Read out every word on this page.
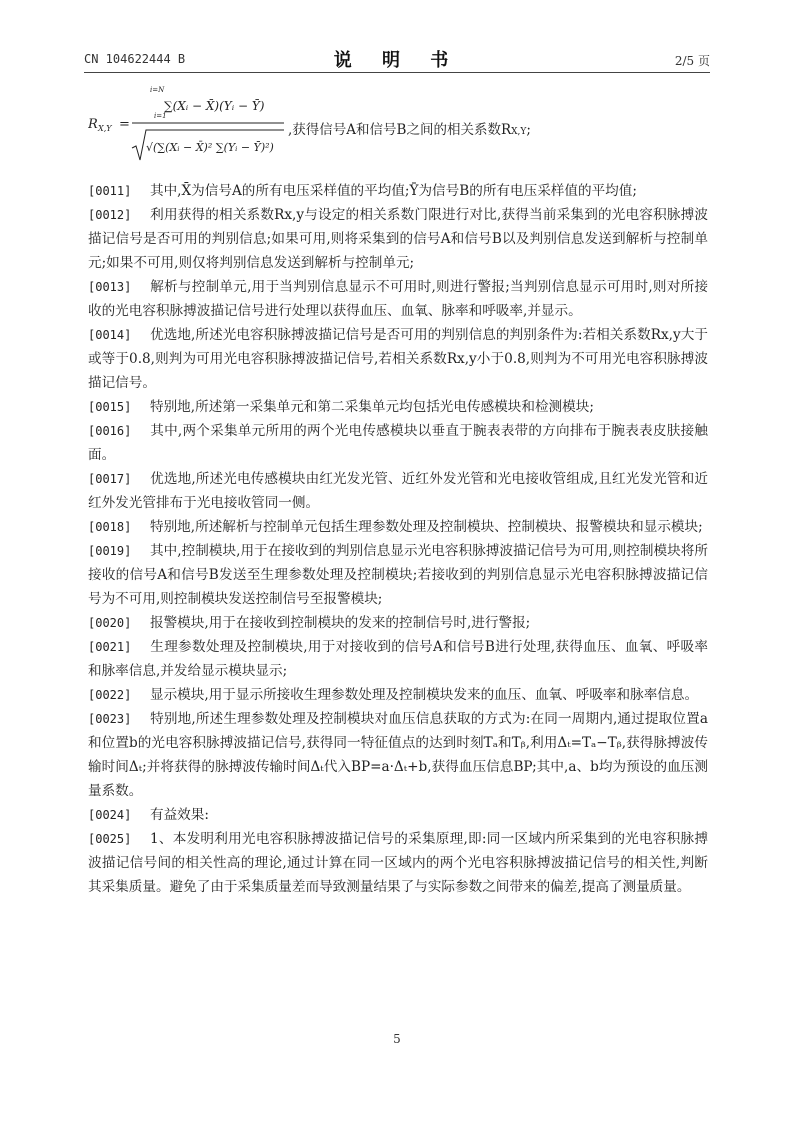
CN 104622444 B	说 明 书	2/5 页
R X,Y =
i=N
i=1
∑(Xᵢ − X̄)(Yᵢ − Ȳ)
√(∑(Xᵢ − X̄)² ∑(Yᵢ − Ȳ)²)
,获得信号A和信号B之间的相关系数RX,Y;

[0011] 其中,X̄为信号A的所有电压采样值的平均值;Ȳ为信号B的所有电压采样值的平均值;

[0012] 利用获得的相关系数Rx,y与设定的相关系数门限进行对比,获得当前采集到的光电容积脉搏波描记信号是否可用的判别信息;如果可用,则将采集到的信号A和信号B以及判别信息发送到解析与控制单元;如果不可用,则仅将判别信息发送到解析与控制单元;

[0013] 解析与控制单元,用于当判别信息显示不可用时,则进行警报;当判别信息显示可用时,则对所接收的光电容积脉搏波描记信号进行处理以获得血压、血氧、脉率和呼吸率,并显示。

[0014] 优选地,所述光电容积脉搏波描记信号是否可用的判别信息的判别条件为:若相关系数Rx,y大于或等于0.8,则判为可用光电容积脉搏波描记信号,若相关系数Rx,y小于0.8,则判为不可用光电容积脉搏波描记信号。

[0015] 特别地,所述第一采集单元和第二采集单元均包括光电传感模块和检测模块;

[0016] 其中,两个采集单元所用的两个光电传感模块以垂直于腕表表带的方向排布于腕表表皮肤接触面。

[0017] 优选地,所述光电传感模块由红光发光管、近红外发光管和光电接收管组成,且红光发光管和近红外发光管排布于光电接收管同一侧。

[0018] 特别地,所述解析与控制单元包括生理参数处理及控制模块、控制模块、报警模块和显示模块;

[0019] 其中,控制模块,用于在接收到的判别信息显示光电容积脉搏波描记信号为可用,则控制模块将所接收的信号A和信号B发送至生理参数处理及控制模块;若接收到的判别信息显示光电容积脉搏波描记信号为不可用,则控制模块发送控制信号至报警模块;

[0020] 报警模块,用于在接收到控制模块的发来的控制信号时,进行警报;

[0021] 生理参数处理及控制模块,用于对接收到的信号A和信号B进行处理,获得血压、血氧、呼吸率和脉率信息,并发给显示模块显示;

[0022] 显示模块,用于显示所接收生理参数处理及控制模块发来的血压、血氧、呼吸率和脉率信息。

[0023] 特别地,所述生理参数处理及控制模块对血压信息获取的方式为:在同一周期内,通过提取位置a和位置b的光电容积脉搏波描记信号,获得同一特征值点的达到时刻Tₐ和Tᵦ,利用Δₜ=Tₐ−Tᵦ,获得脉搏波传输时间Δₜ;并将获得的脉搏波传输时间Δₜ代入BP=a·Δₜ+b,获得血压信息BP;其中,a、b均为预设的血压测量系数。

[0024] 有益效果:

[0025] 1、本发明利用光电容积脉搏波描记信号的采集原理,即:同一区域内所采集到的光电容积脉搏波描记信号间的相关性高的理论,通过计算在同一区域内的两个光电容积脉搏波描记信号的相关性,判断其采集质量。避免了由于采集质量差而导致测量结果了与实际参数之间带来的偏差,提高了测量质量。

5
